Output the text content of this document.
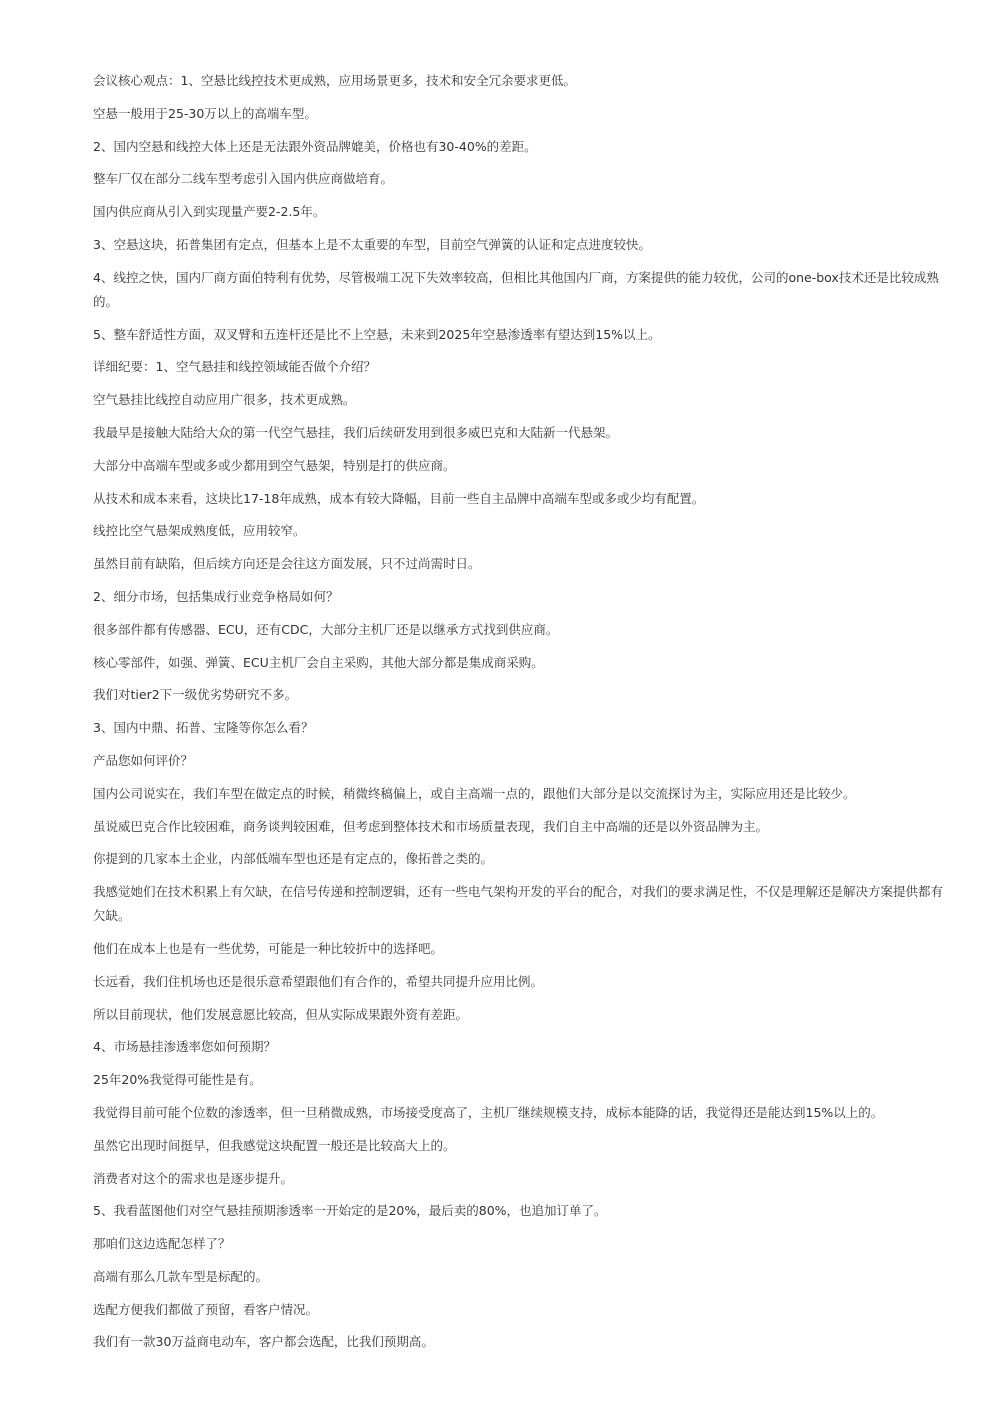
会议核心观点：1、空悬比线控技术更成熟，应用场景更多，技术和安全冗余要求更低。

空悬一般用于25-30万以上的高端车型。

2、国内空悬和线控大体上还是无法跟外资品牌媲美，价格也有30-40%的差距。

整车厂仅在部分二线车型考虑引入国内供应商做培育。

国内供应商从引入到实现量产要2-2.5年。

3、空悬这块，拓普集团有定点，但基本上是不太重要的车型，目前空气弹簧的认证和定点进度较快。

4、线控之快，国内厂商方面伯特利有优势，尽管极端工况下失效率较高，但相比其他国内厂商，方案提供的能力较优，公司的one-box技术还是比较成熟的。

5、整车舒适性方面，双叉臂和五连杆还是比不上空悬，未来到2025年空悬渗透率有望达到15%以上。

详细纪要：1、空气悬挂和线控领域能否做个介绍？

空气悬挂比线控自动应用广很多，技术更成熟。

我最早是接触大陆给大众的第一代空气悬挂，我们后续研发用到很多威巴克和大陆新一代悬架。

大部分中高端车型或多或少都用到空气悬架，特别是打的供应商。

从技术和成本来看，这块比17-18年成熟，成本有较大降幅，目前一些自主品牌中高端车型或多或少均有配置。

线控比空气悬架成熟度低，应用较窄。

虽然目前有缺陷，但后续方向还是会往这方面发展，只不过尚需时日。

2、细分市场，包括集成行业竞争格局如何？

很多部件都有传感器、ECU，还有CDC，大部分主机厂还是以继承方式找到供应商。

核心零部件，如强、弹簧、ECU主机厂会自主采购，其他大部分都是集成商采购。

我们对tier2下一级优劣势研究不多。

3、国内中鼎、拓普、宝隆等你怎么看？

产品您如何评价？

国内公司说实在，我们车型在做定点的时候，稍微终稿偏上，或自主高端一点的，跟他们大部分是以交流探讨为主，实际应用还是比较少。

虽说威巴克合作比较困难，商务谈判较困难，但考虑到整体技术和市场质量表现，我们自主中高端的还是以外资品牌为主。

你提到的几家本土企业，内部低端车型也还是有定点的，像拓普之类的。

我感觉她们在技术积累上有欠缺，在信号传递和控制逻辑，还有一些电气架构开发的平台的配合，对我们的要求满足性，不仅是理解还是解决方案提供都有欠缺。

他们在成本上也是有一些优势，可能是一种比较折中的选择吧。

长远看，我们住机场也还是很乐意希望跟他们有合作的，希望共同提升应用比例。

所以目前现状，他们发展意愿比较高，但从实际成果跟外资有差距。

4、市场悬挂渗透率您如何预期？

25年20%我觉得可能性是有。

我觉得目前可能个位数的渗透率，但一旦稍微成熟，市场接受度高了，主机厂继续规模支持，成标本能降的话，我觉得还是能达到15%以上的。

虽然它出现时间挺早，但我感觉这块配置一般还是比较高大上的。

消费者对这个的需求也是逐步提升。

5、我看蓝图他们对空气悬挂预期渗透率一开始定的是20%，最后卖的80%，也追加订单了。

那咱们这边选配怎样了？

高端有那么几款车型是标配的。

选配方便我们都做了预留，看客户情况。

我们有一款30万益商电动车，客户都会选配，比我们预期高。
